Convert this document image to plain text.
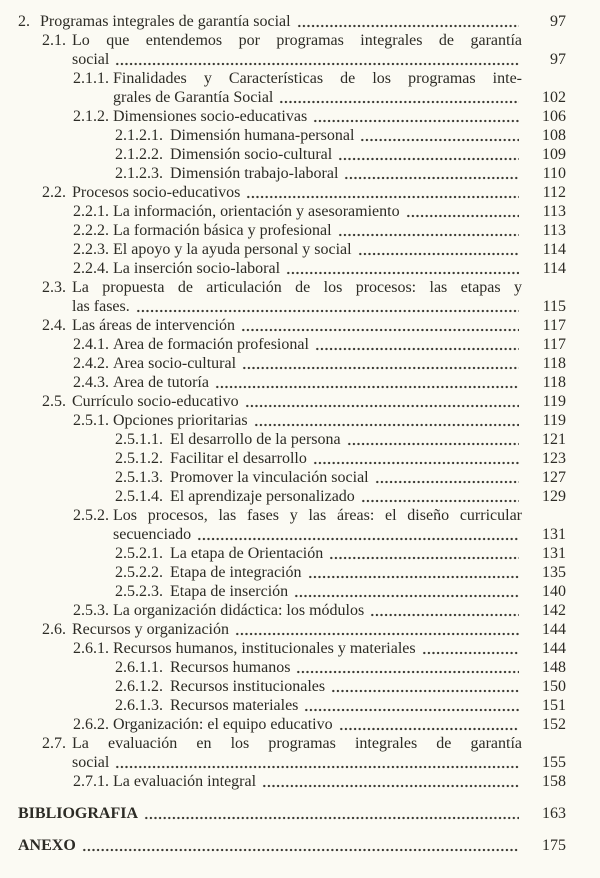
2. Programas integrales de garantía social	97
2.1. Lo que entendemos por programas integrales de garantía
social	97
2.1.1. Finalidades y Características de los programas inte-
grales de Garantía Social	102
2.1.2. Dimensiones socio-educativas	106
2.1.2.1. Dimensión humana-personal	108
2.1.2.2. Dimensión socio-cultural	109
2.1.2.3. Dimensión trabajo-laboral	110
2.2. Procesos socio-educativos	112
2.2.1. La información, orientación y asesoramiento	113
2.2.2. La formación básica y profesional	113
2.2.3. El apoyo y la ayuda personal y social	114
2.2.4. La inserción socio-laboral	114
2.3. La propuesta de articulación de los procesos: las etapas y
las fases.	115
2.4. Las áreas de intervención	117
2.4.1. Area de formación profesional	117
2.4.2. Area socio-cultural	118
2.4.3. Area de tutoría	118
2.5. Currículo socio-educativo	119
2.5.1. Opciones prioritarias	119
2.5.1.1. El desarrollo de la persona	121
2.5.1.2. Facilitar el desarrollo	123
2.5.1.3. Promover la vinculación social	127
2.5.1.4. El aprendizaje personalizado	129
2.5.2. Los procesos, las fases y las áreas: el diseño curricular
secuenciado	131
2.5.2.1. La etapa de Orientación	131
2.5.2.2. Etapa de integración	135
2.5.2.3. Etapa de inserción	140
2.5.3. La organización didáctica: los módulos	142
2.6. Recursos y organización	144
2.6.1. Recursos humanos, institucionales y materiales	144
2.6.1.1. Recursos humanos	148
2.6.1.2. Recursos institucionales	150
2.6.1.3. Recursos materiales	151
2.6.2. Organización: el equipo educativo	152
2.7. La evaluación en los programas integrales de garantía
social	155
2.7.1. La evaluación integral	158
BIBLIOGRAFIA	163
ANEXO	175
